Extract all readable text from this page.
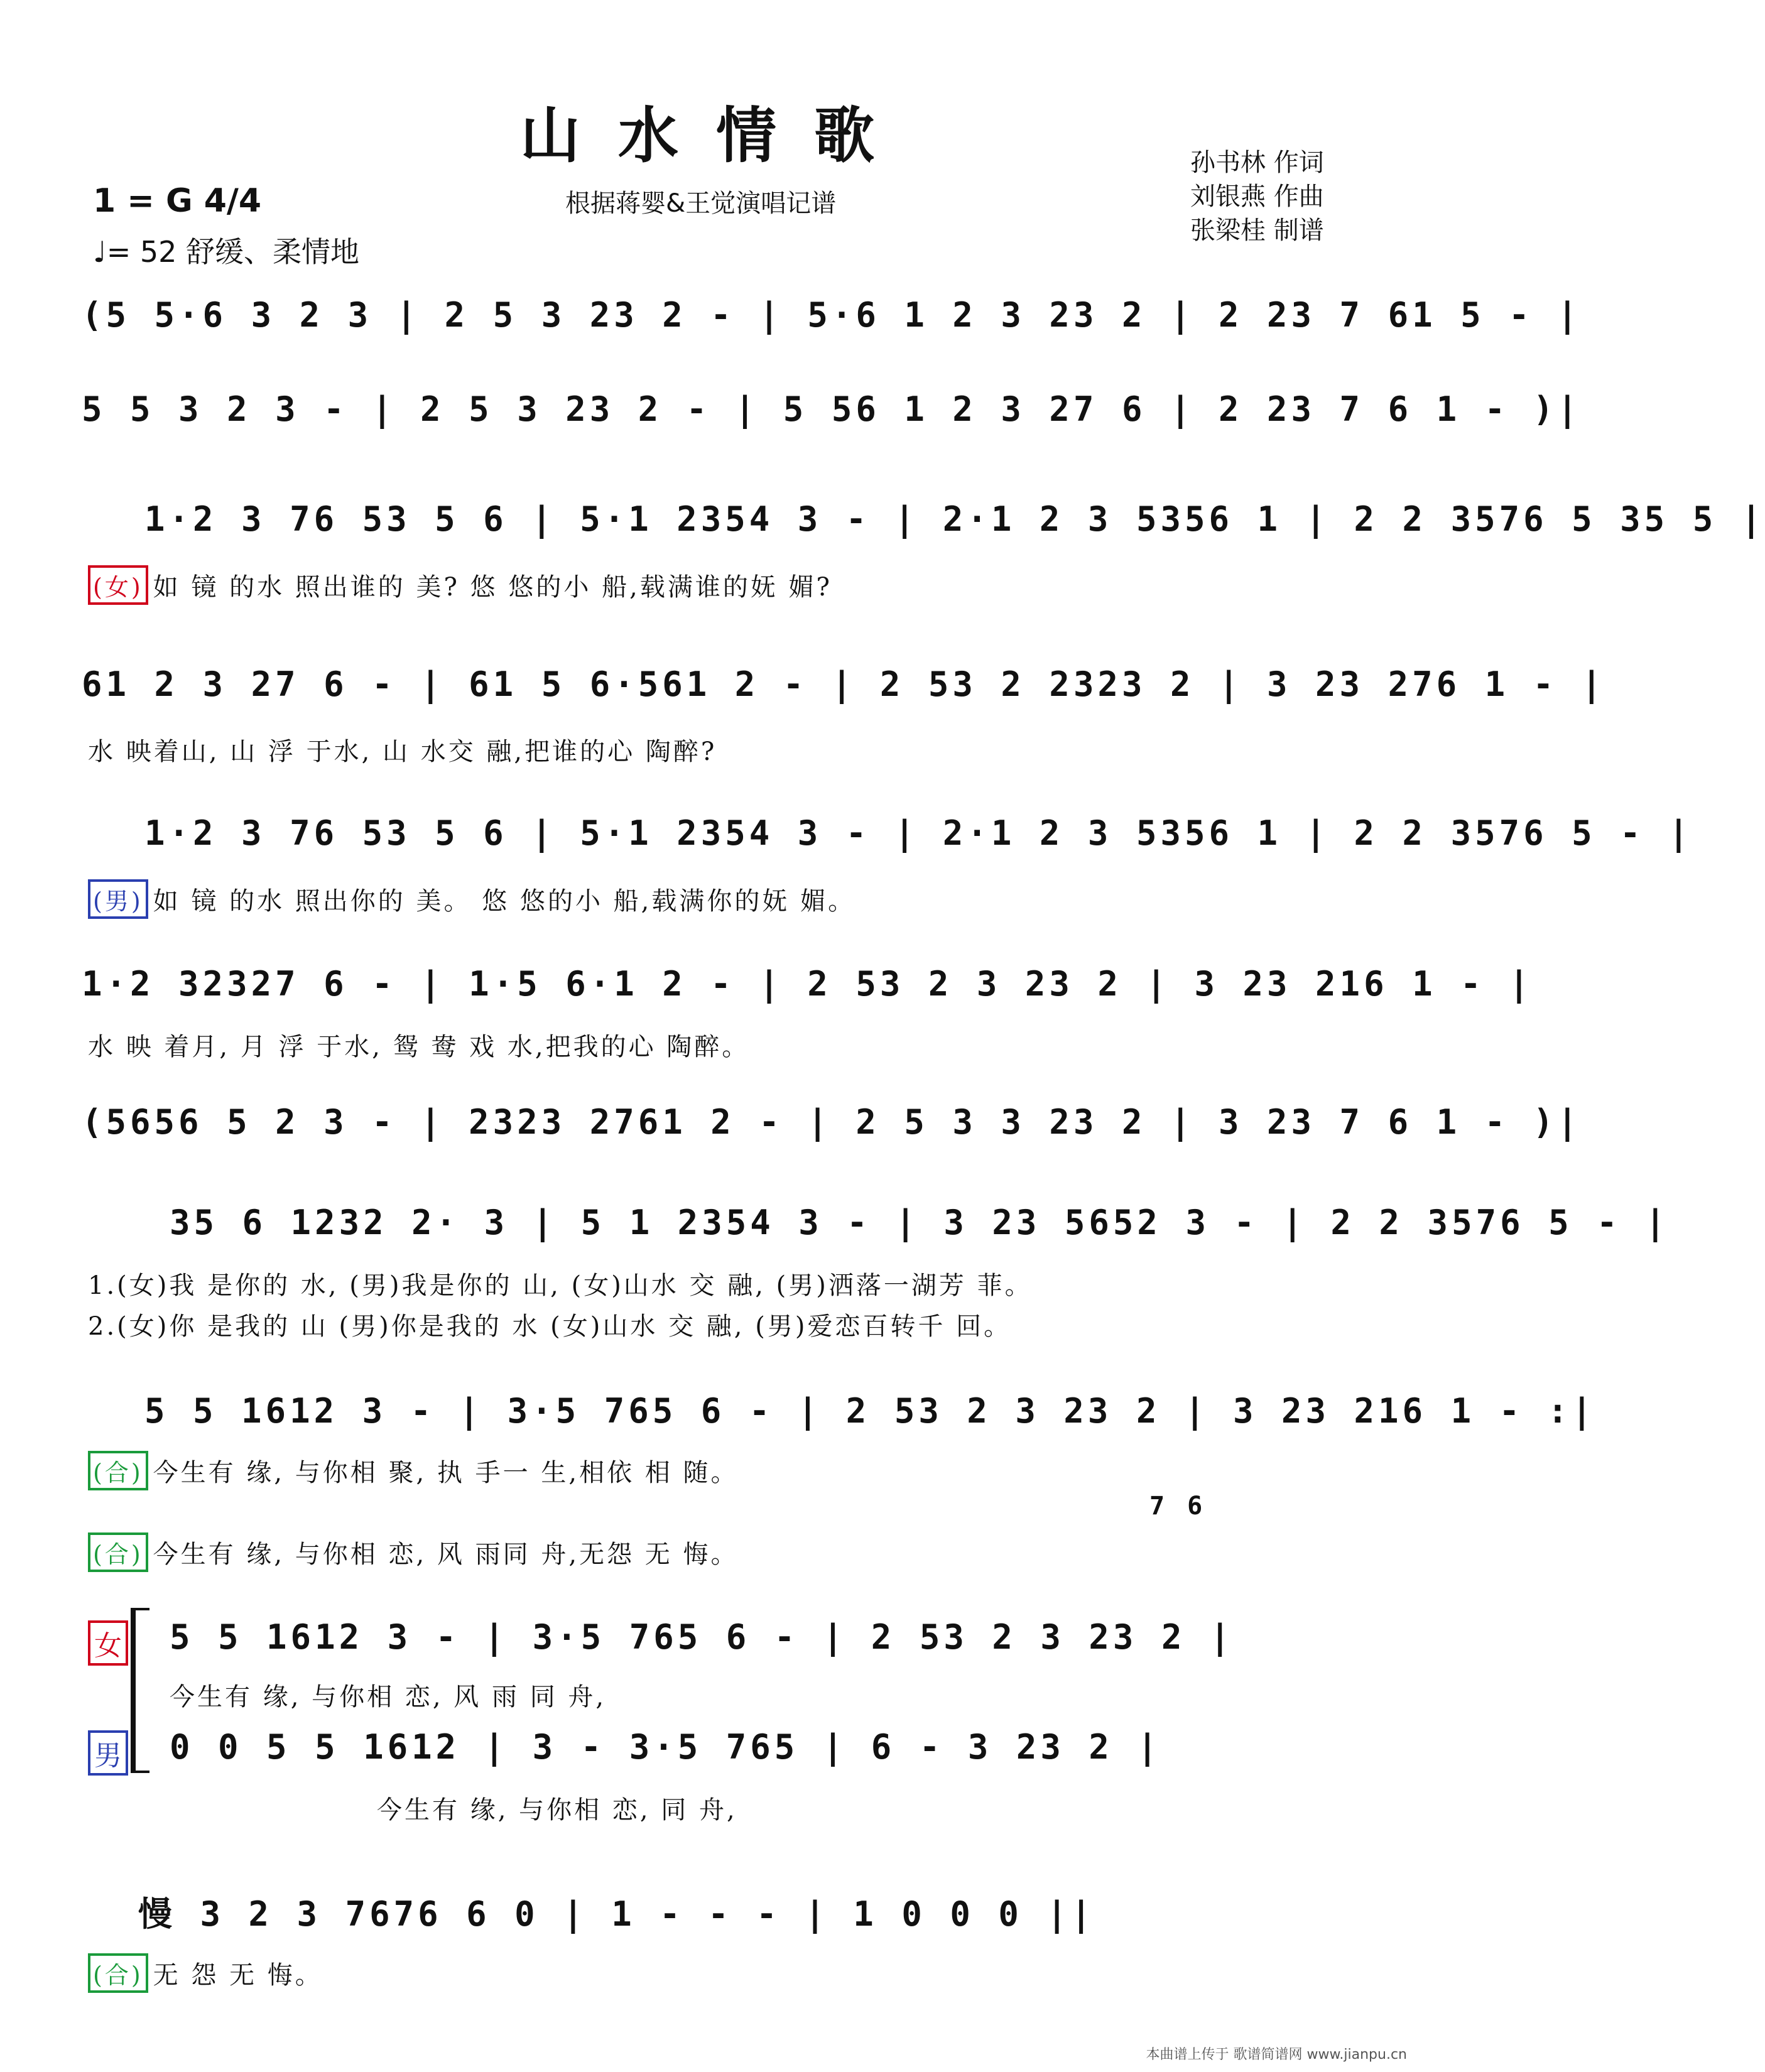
山水情歌
1 = G 4/4
♩= 52 舒缓、柔情地
根据蒋婴&王觉演唱记谱
孙书林 作词
刘银燕 作曲
张梁桂 制谱
(5 5·6 3 2 3 | 2 5 3 23 2 - | 5·6 1 2 3 23 2 | 2 23 7 61 5 - |
5 5 3 2 3 - | 2 5 3 23 2 - | 5 56 1 2 3 27 6 | 2 23 7 6 1 - )|
1·2 3 76 53 5 6 | 5·1 2354 3 - | 2·1 2 3 5356 1 | 2 2 3576 5 35 5 |
(女) 如 镜 的水 照出谁的 美? 悠 悠的小 船,载满谁的妩 媚?
61 2 3 27 6 - | 61 5 6·561 2 - | 2 53 2 2323 2 | 3 23 276 1 - |
水 映着山, 山 浮 于水, 山 水交 融,把谁的心 陶醉?
1·2 3 76 53 5 6 | 5·1 2354 3 - | 2·1 2 3 5356 1 | 2 2 3576 5 - |
(男) 如 镜 的水 照出你的 美。 悠 悠的小 船,载满你的妩 媚。
1·2 32327 6 - | 1·5 6·1 2 - | 2 53 2 3 23 2 | 3 23 216 1 - |
水 映 着月, 月 浮 于水, 鸳 鸯 戏 水,把我的心 陶醉。
(5656 5 2 3 - | 2323 2761 2 - | 2 5 3 3 23 2 | 3 23 7 6 1 - )|
35 6 1232 2· 3 | 5 1 2354 3 - | 3 23 5652 3 - | 2 2 3576 5 - |
1.(女)我 是你的 水, (男)我是你的 山, (女)山水 交 融, (男)洒落一湖芳 菲。
2.(女)你 是我的 山 (男)你是我的 水 (女)山水 交 融, (男)爱恋百转千 回。
5 5 1612 3 - | 3·5 765 6 - | 2 53 2 3 23 2 | 3 23 216 1 - :|
(合) 今生有 缘, 与你相 聚, 执 手一 生,相依 相 随。
7 6
(合) 今生有 缘, 与你相 恋, 风 雨同 舟,无怨 无 悔。
女 5 5 1612 3 - | 3·5 765 6 - | 2 53 2 3 23 2 |
今生有 缘, 与你相 恋, 风 雨 同 舟,
男 0 0 5 5 1612 | 3 - 3·5 765 | 6 - 3 23 2 |
今生有 缘, 与你相 恋, 同 舟,
慢 3 2 3 7676 6 0 | 1 - - - | 1 0 0 0 ||
(合) 无 怨 无 悔。
本曲谱上传于 歌谱简谱网 www.jianpu.cn
